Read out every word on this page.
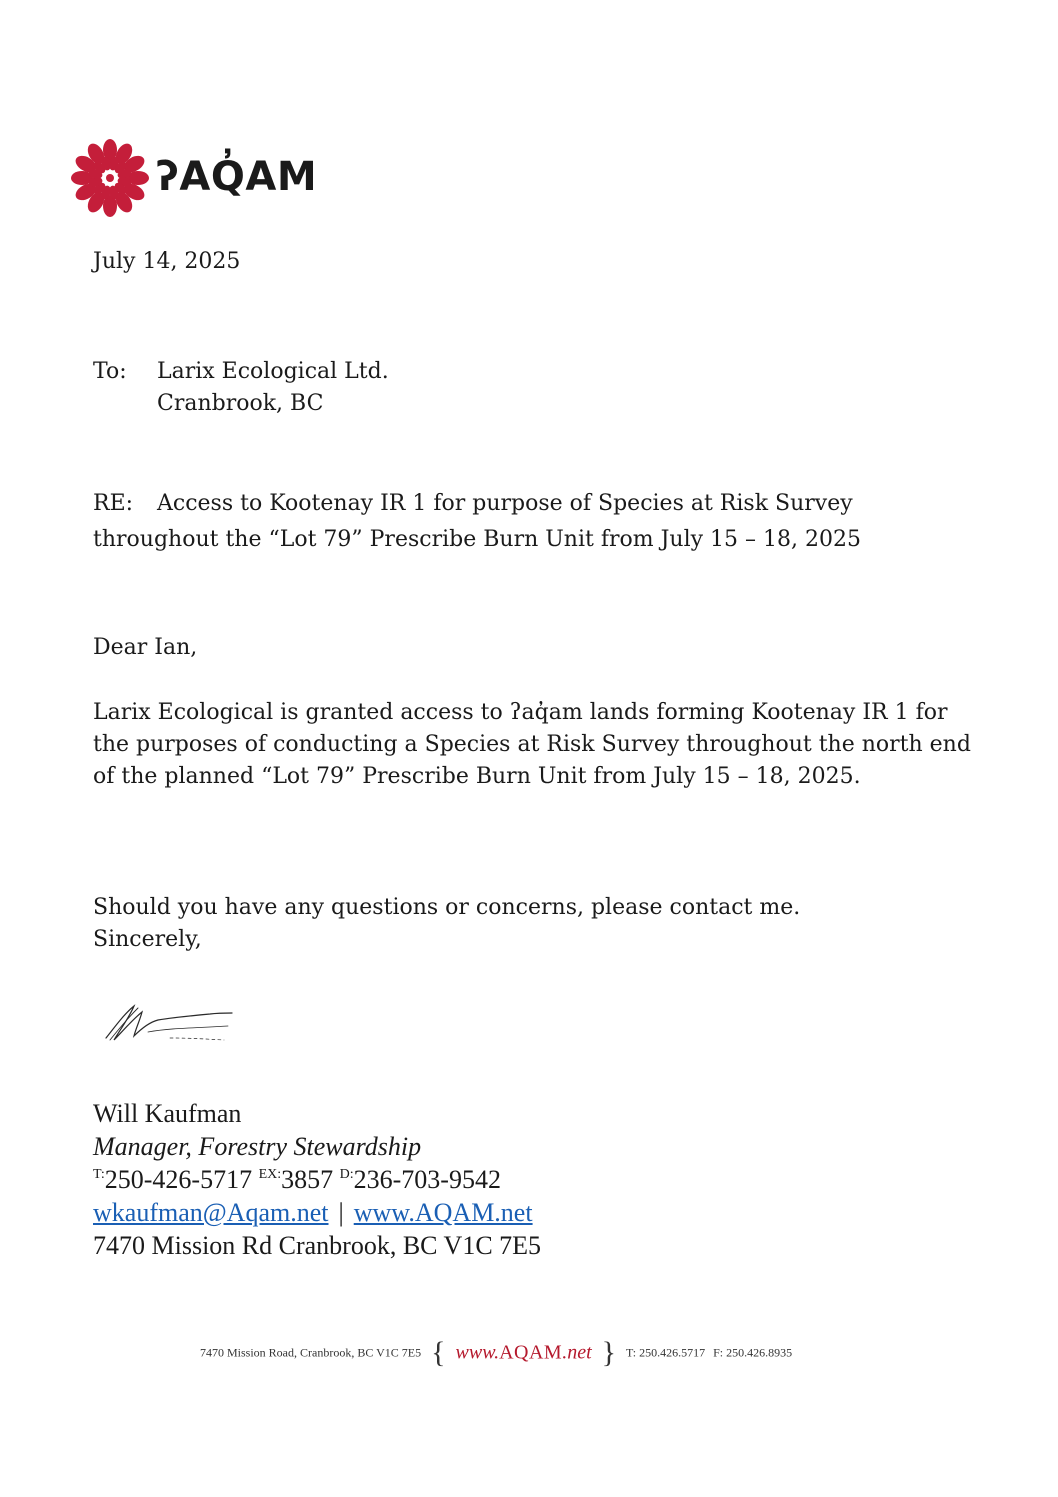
ʔAQ̓AM
July 14, 2025
To: Larix Ecological Ltd.
Cranbrook, BC
RE: Access to Kootenay IR 1 for purpose of Species at Risk Survey throughout the “Lot 79” Prescribe Burn Unit from July 15 – 18, 2025
Dear Ian,
Larix Ecological is granted access to ʔaq̓am lands forming Kootenay IR 1 for the purposes of conducting a Species at Risk Survey throughout the north end of the planned “Lot 79” Prescribe Burn Unit from July 15 – 18, 2025.
Should you have any questions or concerns, please contact me.
Sincerely,
Will Kaufman
Manager, Forestry Stewardship
$^{T:}$250-426-5717 $^{EX:}$3857 $^{D:}$236-703-9542
wkaufman@Aqam.net | www.AQAM.net
7470 Mission Rd Cranbrook, BC V1C 7E5
7470 Mission Road, Cranbrook, BC V1C 7E5 { www.AQAM.net } T: 250.426.5717 F: 250.426.8935
